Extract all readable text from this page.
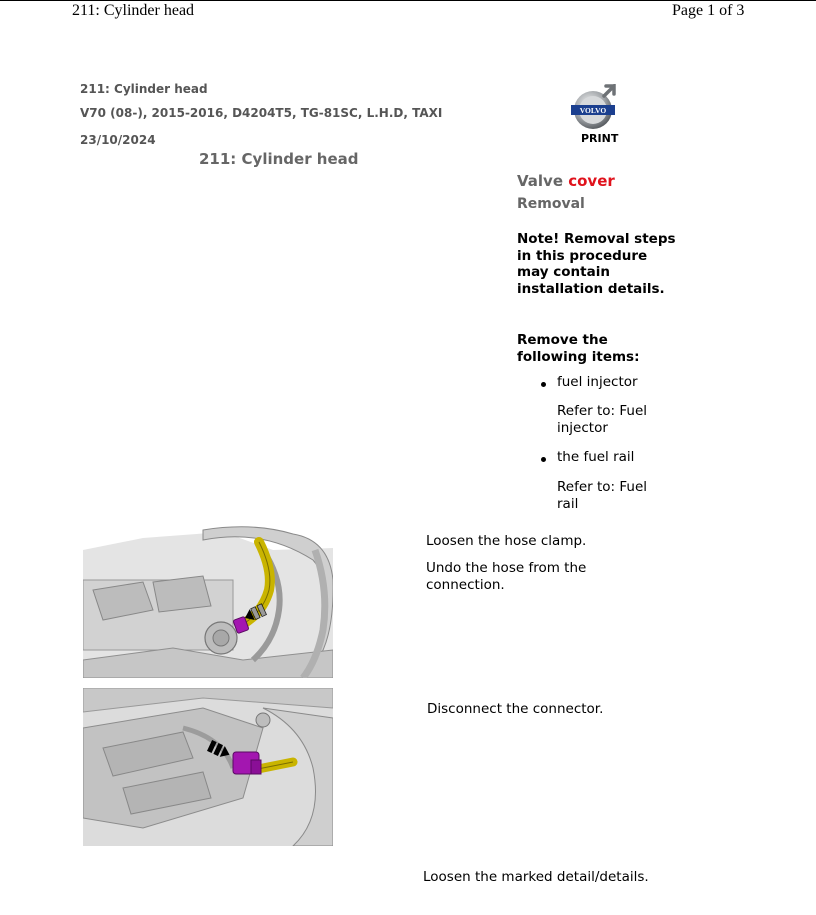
211: Cylinder head	Page 1 of 3
211: Cylinder head
V70 (08-), 2015-2016, D4204T5, TG-81SC, L.H.D, TAXI
23/10/2024
211: Cylinder head
VOLVO
PRINT
Valve cover
Removal
Note! Removal steps in this procedure may contain installation details.
Remove the following items:
fuel injector
Refer to: Fuel injector
the fuel rail
Refer to: Fuel rail
Loosen the hose clamp.
Undo the hose from the connection.
Disconnect the connector.
Loosen the marked detail/details.
